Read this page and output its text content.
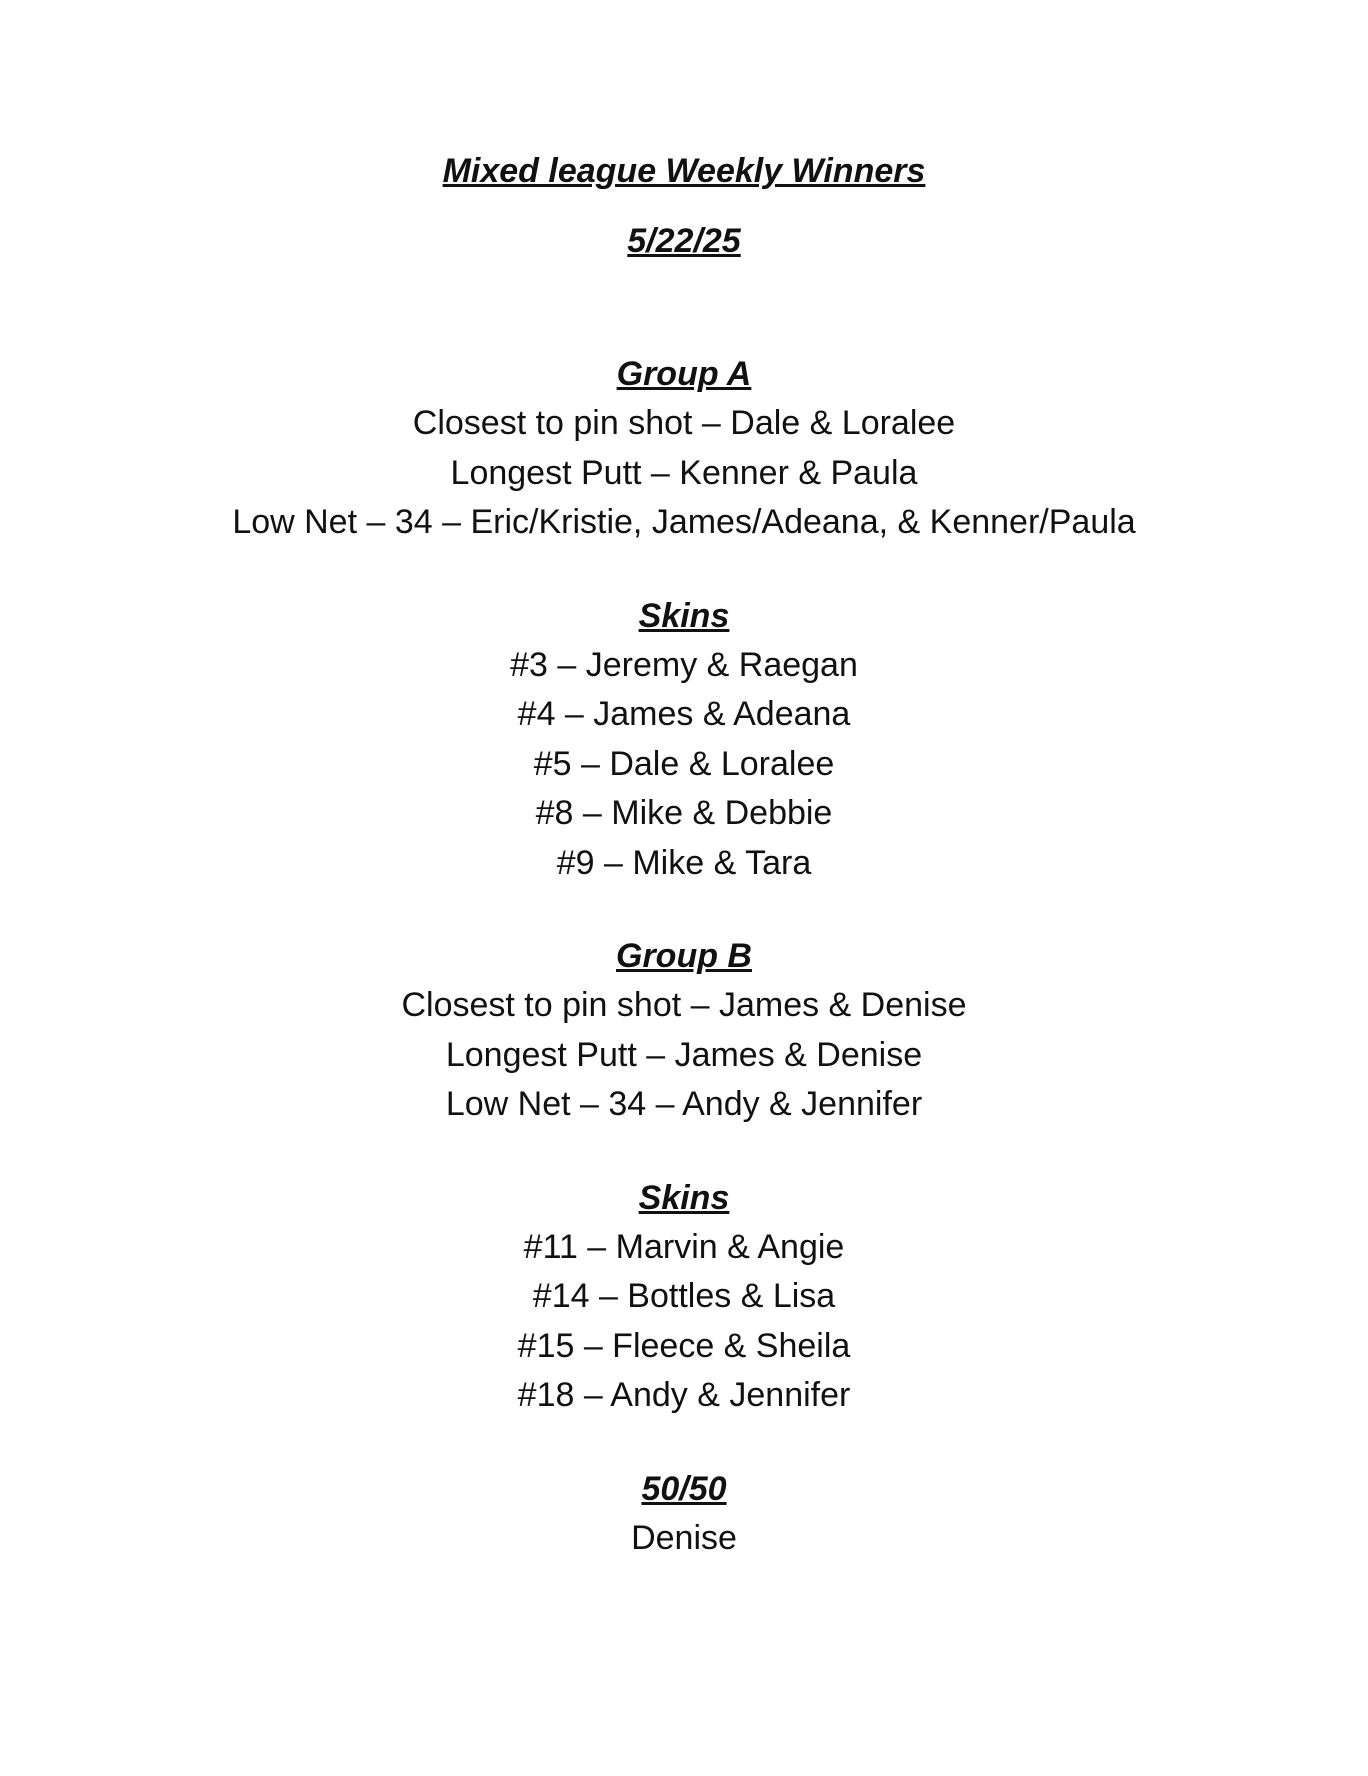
Mixed league Weekly Winners
5/22/25
Group A
Closest to pin shot – Dale & Loralee
Longest Putt – Kenner & Paula
Low Net – 34 – Eric/Kristie, James/Adeana, & Kenner/Paula
Skins
#3 – Jeremy & Raegan
#4 – James & Adeana
#5 – Dale & Loralee
#8 – Mike & Debbie
#9 – Mike & Tara
Group B
Closest to pin shot – James & Denise
Longest Putt – James & Denise
Low Net – 34 – Andy & Jennifer
Skins
#11 – Marvin & Angie
#14 – Bottles & Lisa
#15 – Fleece & Sheila
#18 – Andy & Jennifer
50/50
Denise
